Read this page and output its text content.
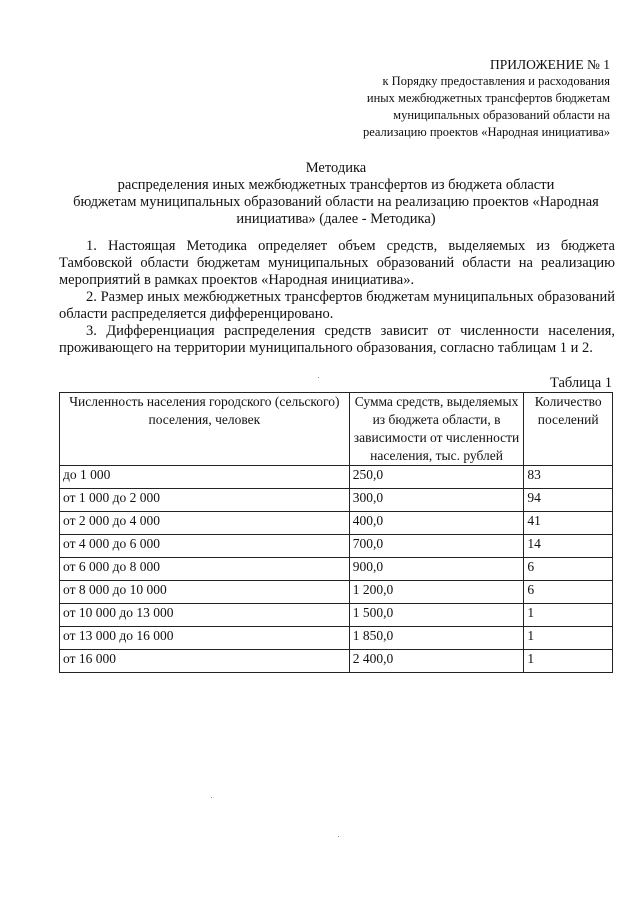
ПРИЛОЖЕНИЕ № 1
к Порядку предоставления и расходования
иных межбюджетных трансфертов бюджетам
муниципальных образований области на
реализацию проектов «Народная инициатива»
Методика
распределения иных межбюджетных трансфертов из бюджета области
бюджетам муниципальных образований области на реализацию проектов «Народная
инициатива» (далее - Методика)

1. Настоящая Методика определяет объем средств, выделяемых из бюджета Тамбовской области бюджетам муниципальных образований области на реализацию мероприятий в рамках проектов «Народная инициатива».

2. Размер иных межбюджетных трансфертов бюджетам муниципальных образований области распределяется дифференцировано.

3. Дифференциация распределения средств зависит от численности населения, проживающего на территории муниципального образования, согласно таблицам 1 и 2.

Таблица 1
Численность населения городского (сельского) поселения, человек	Сумма средств, выделяемых из бюджета области, в зависимости от численности населения, тыс. рублей	Количество поселений
до 1 000	250,0	83
от 1 000 до 2 000	300,0	94
от 2 000 до 4 000	400,0	41
от 4 000 до 6 000	700,0	14
от 6 000 до 8 000	900,0	6
от 8 000 до 10 000	1 200,0	6
от 10 000 до 13 000	1 500,0	1
от 13 000 до 16 000	1 850,0	1
от 16 000	2 400,0	1
